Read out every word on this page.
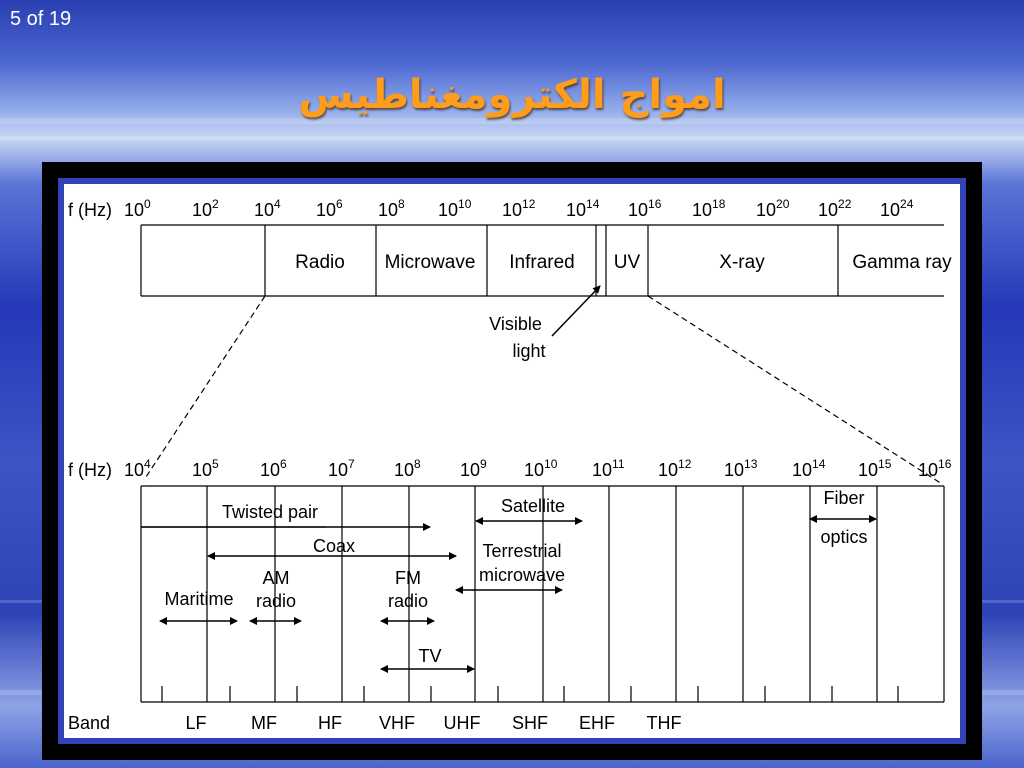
5 of 19
امواج الكترومغناطيس
f (Hz) $10^0$ $10^2$ $10^4$ $10^6$ $10^8$ $10^{10}$ $10^{12}$ $10^{14}$ $10^{16}$ $10^{18}$ $10^{20}$ $10^{22}$ $10^{24}$
Radio Microwave Infrared UV	X-ray	Gamma ray
Visible light
f (Hz) $10^4$ $10^5$ $10^6$ $10^7$ $10^8$ $10^9$ $10^{10}$ $10^{11}$ $10^{12}$ $10^{13}$ $10^{14}$ $10^{15}$ $10^{16}$
Twisted pair
Coax
Satellite
Terrestrial
microwave
Fiber
optics
Maritime
AM
radio
FM
radio
TV
Band	LF MF HF VHF UHF SHF EHF THF
